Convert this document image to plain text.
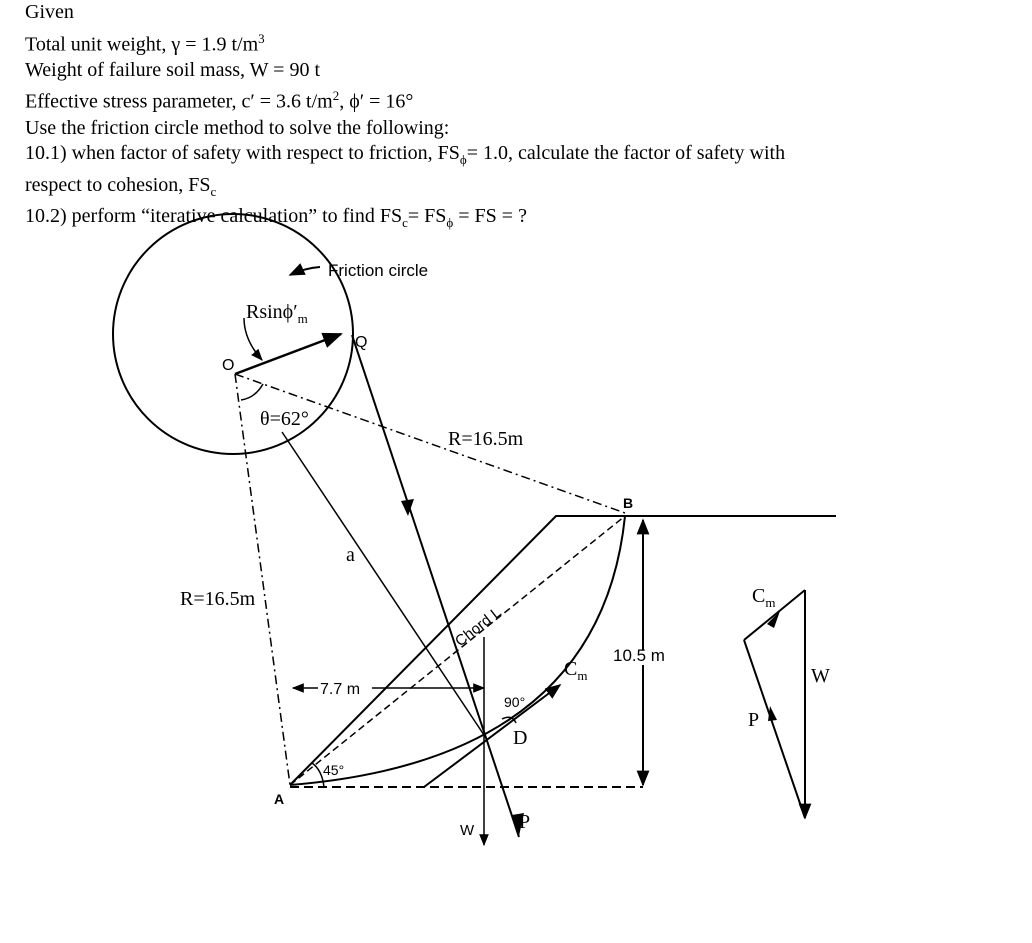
Given
Total unit weight, γ = 1.9 $t/m^3$
Weight of failure soil mass, W = 90 t
Effective stress parameter, c′ = 3.6 $t/m^2$, ϕ′ = 16°
Use the friction circle method to solve the following:
10.1) when factor of safety with respect to friction, $FS_\phi= 1.0$, calculate the factor of safety with
respect to cohesion, $FS_c$
10.2) perform “iterative calculation” to find $FS_c= FS_\phi$ = FS = ?
Friction circle
$Rsin\phi'_m$
O
Q
R=16.5m
R=16.5m
θ=62°
a
P
B
Chord L
A
45°
7.7 m
W
$C_m$
90°
D
10.5 m
$C_m$
W
P
